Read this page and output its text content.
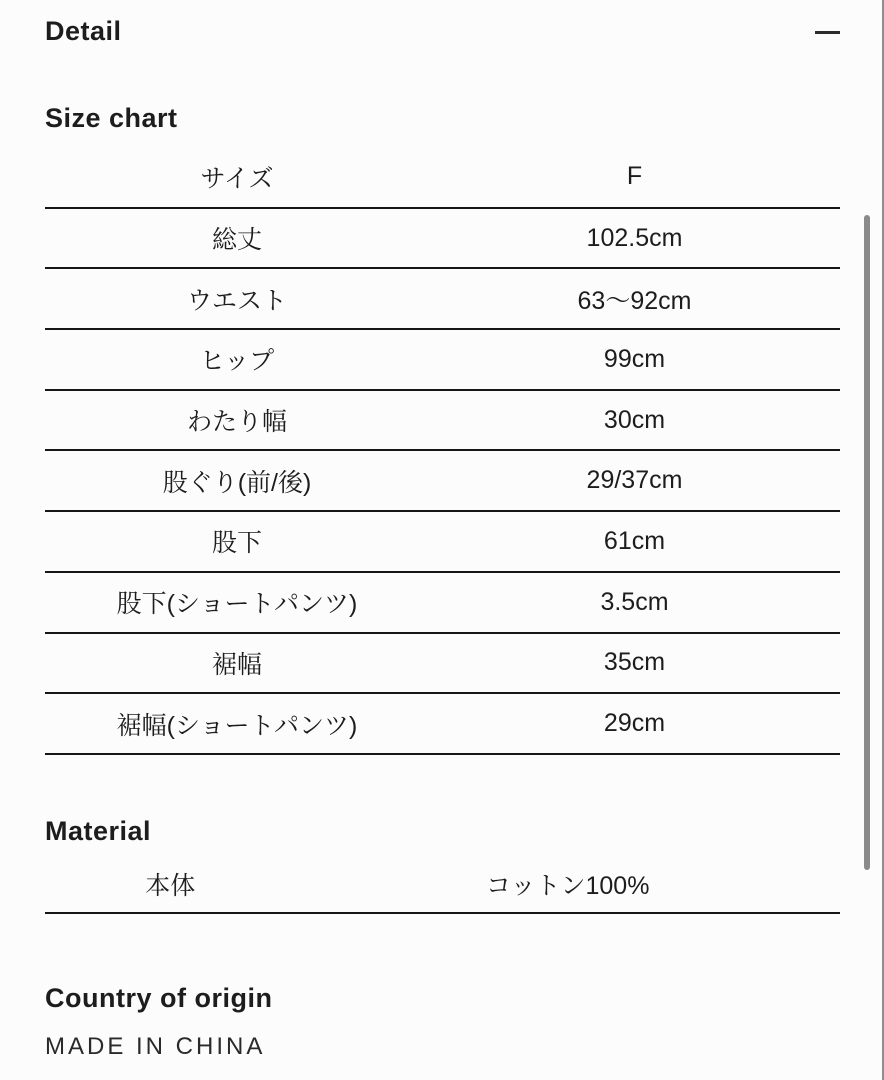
Detail
Size chart
サイズ	F
総丈	102.5cm
ウエスト	63〜92cm
ヒップ	99cm
わたり幅	30cm
股ぐり(前/後)	29/37cm
股下	61cm
股下(ショートパンツ)	3.5cm
裾幅	35cm
裾幅(ショートパンツ)	29cm
Material
本体	コットン100%
Country of origin
MADE IN CHINA
